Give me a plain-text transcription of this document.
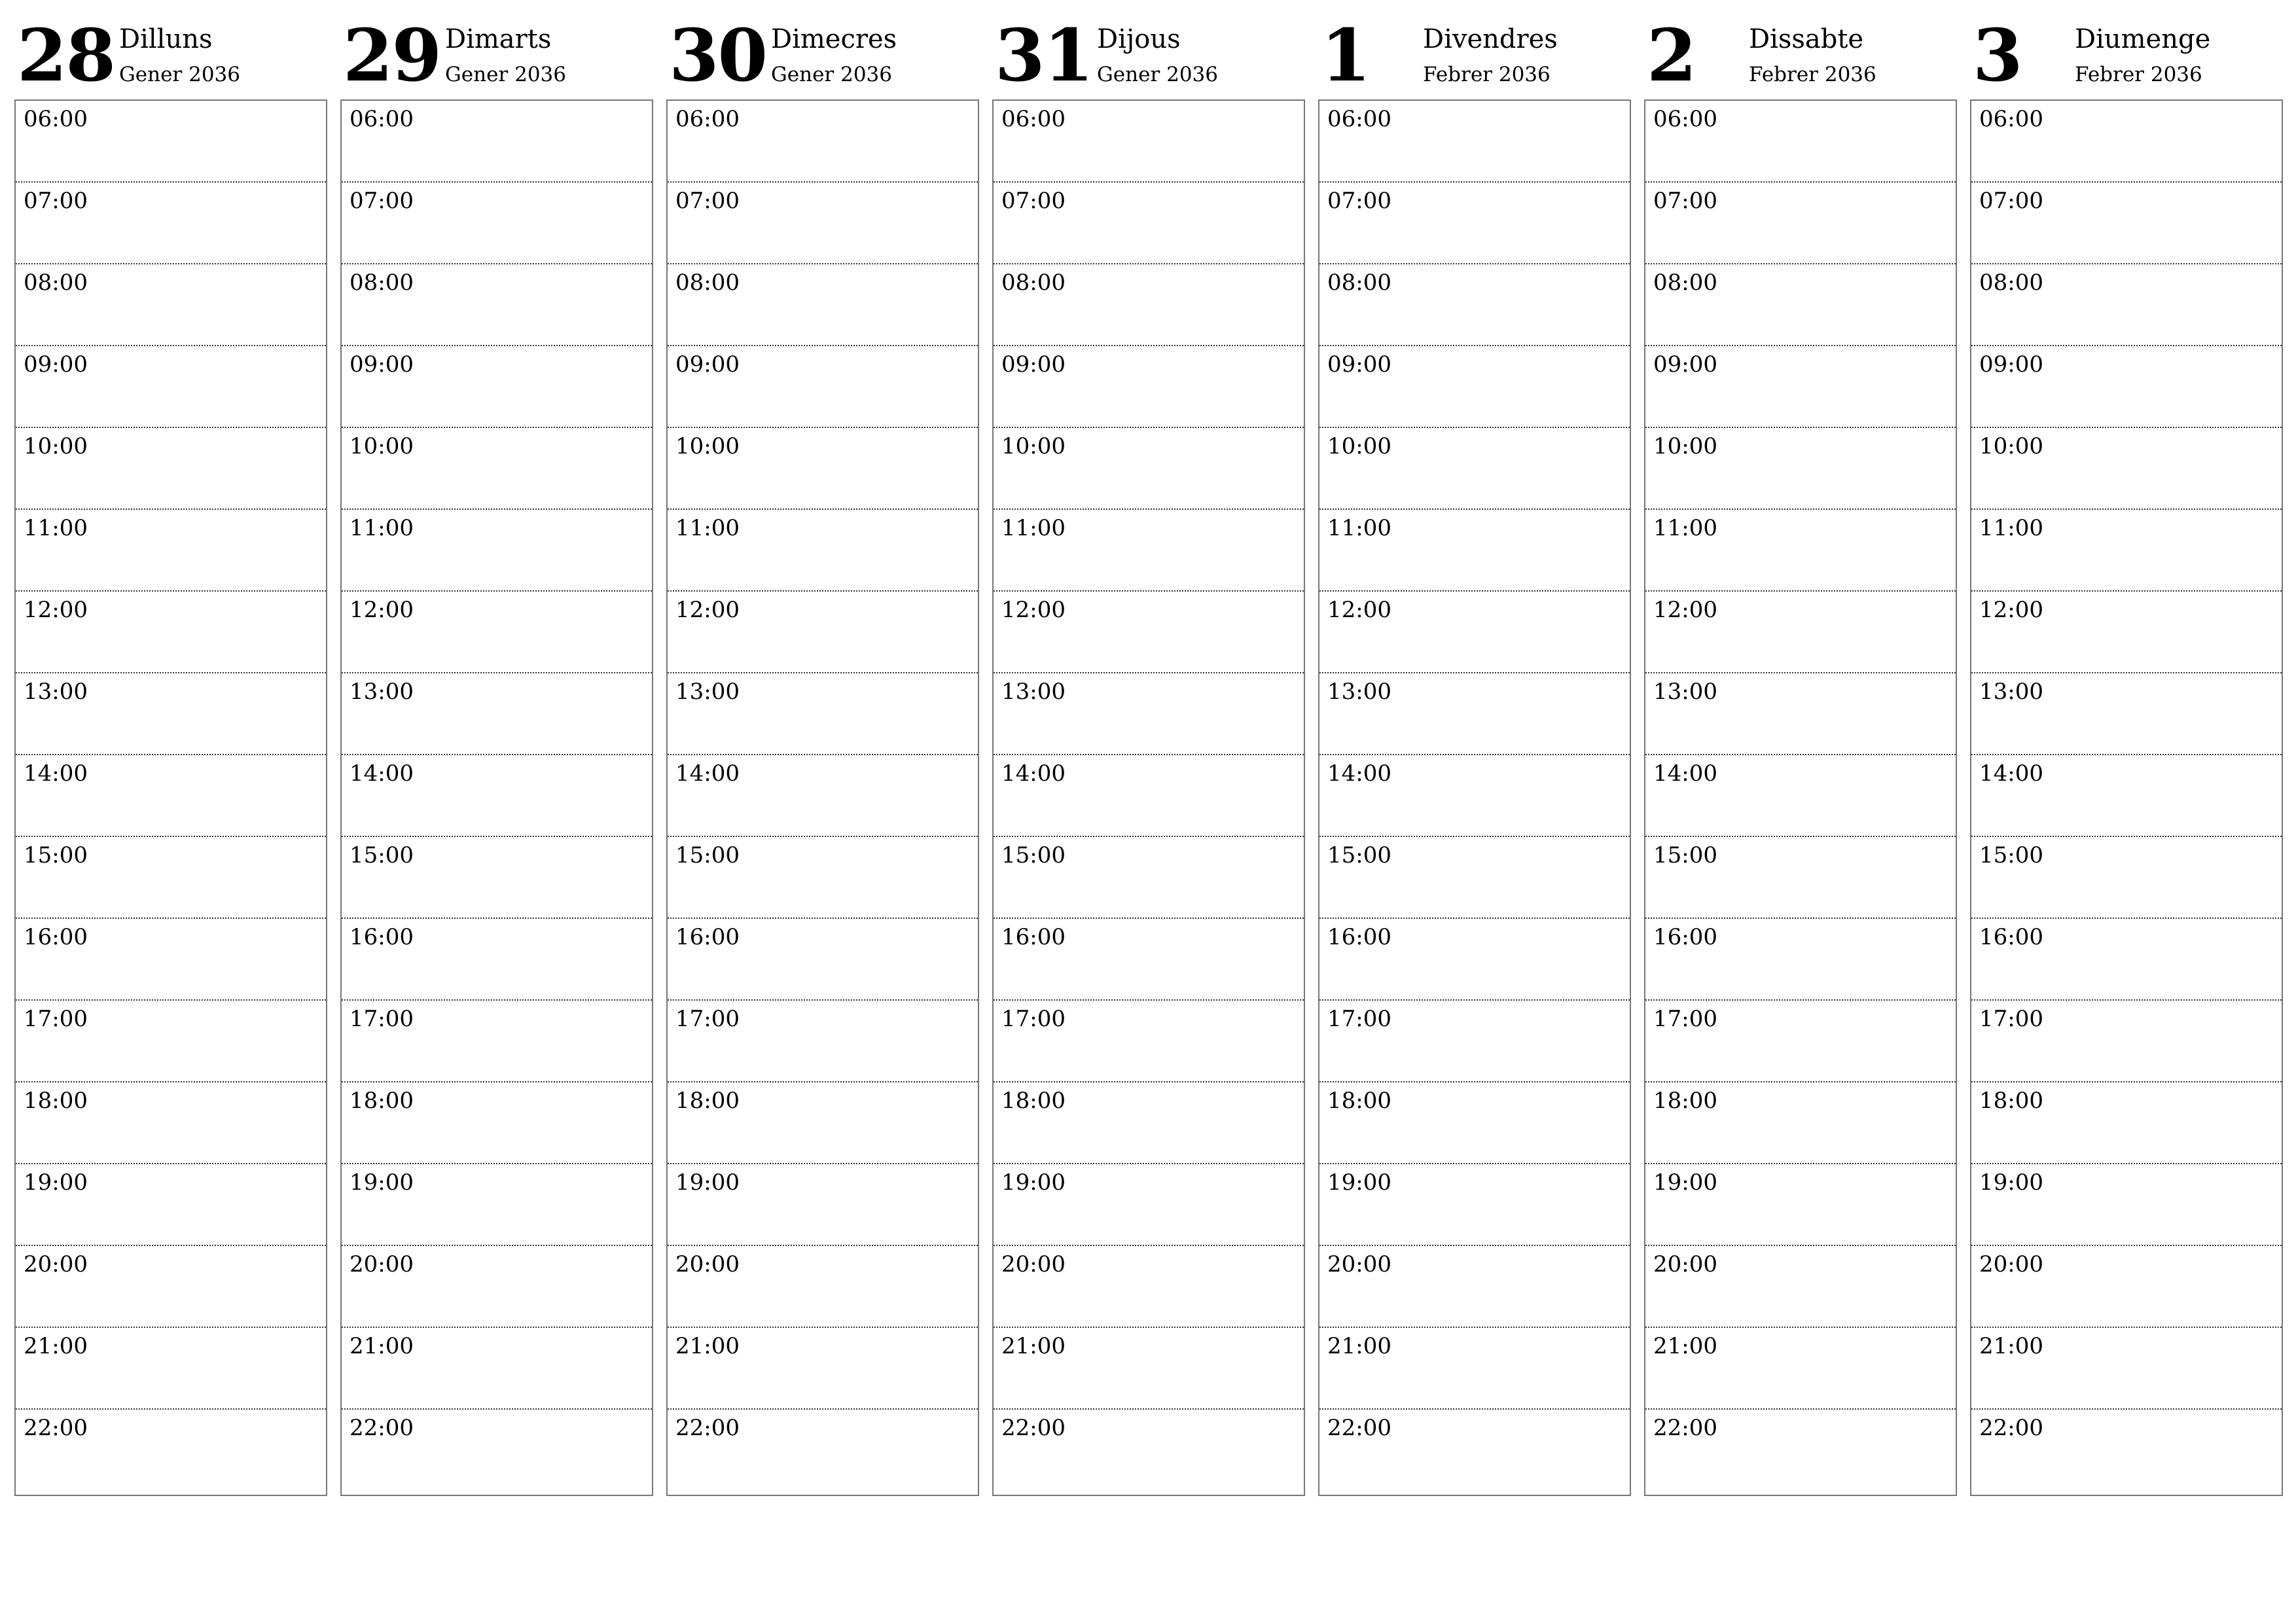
28 Dilluns
Gener 2036
06:00
07:00
08:00
09:00
10:00
11:00
12:00
13:00
14:00
15:00
16:00
17:00
18:00
19:00
20:00
21:00
22:00
29 Dimarts
Gener 2036
06:00
07:00
08:00
09:00
10:00
11:00
12:00
13:00
14:00
15:00
16:00
17:00
18:00
19:00
20:00
21:00
22:00
30 Dimecres
Gener 2036
06:00
07:00
08:00
09:00
10:00
11:00
12:00
13:00
14:00
15:00
16:00
17:00
18:00
19:00
20:00
21:00
22:00
31 Dijous
Gener 2036
06:00
07:00
08:00
09:00
10:00
11:00
12:00
13:00
14:00
15:00
16:00
17:00
18:00
19:00
20:00
21:00
22:00
1 Divendres
Febrer 2036
06:00
07:00
08:00
09:00
10:00
11:00
12:00
13:00
14:00
15:00
16:00
17:00
18:00
19:00
20:00
21:00
22:00
2 Dissabte
Febrer 2036
06:00
07:00
08:00
09:00
10:00
11:00
12:00
13:00
14:00
15:00
16:00
17:00
18:00
19:00
20:00
21:00
22:00
3 Diumenge
Febrer 2036
06:00
07:00
08:00
09:00
10:00
11:00
12:00
13:00
14:00
15:00
16:00
17:00
18:00
19:00
20:00
21:00
22:00
